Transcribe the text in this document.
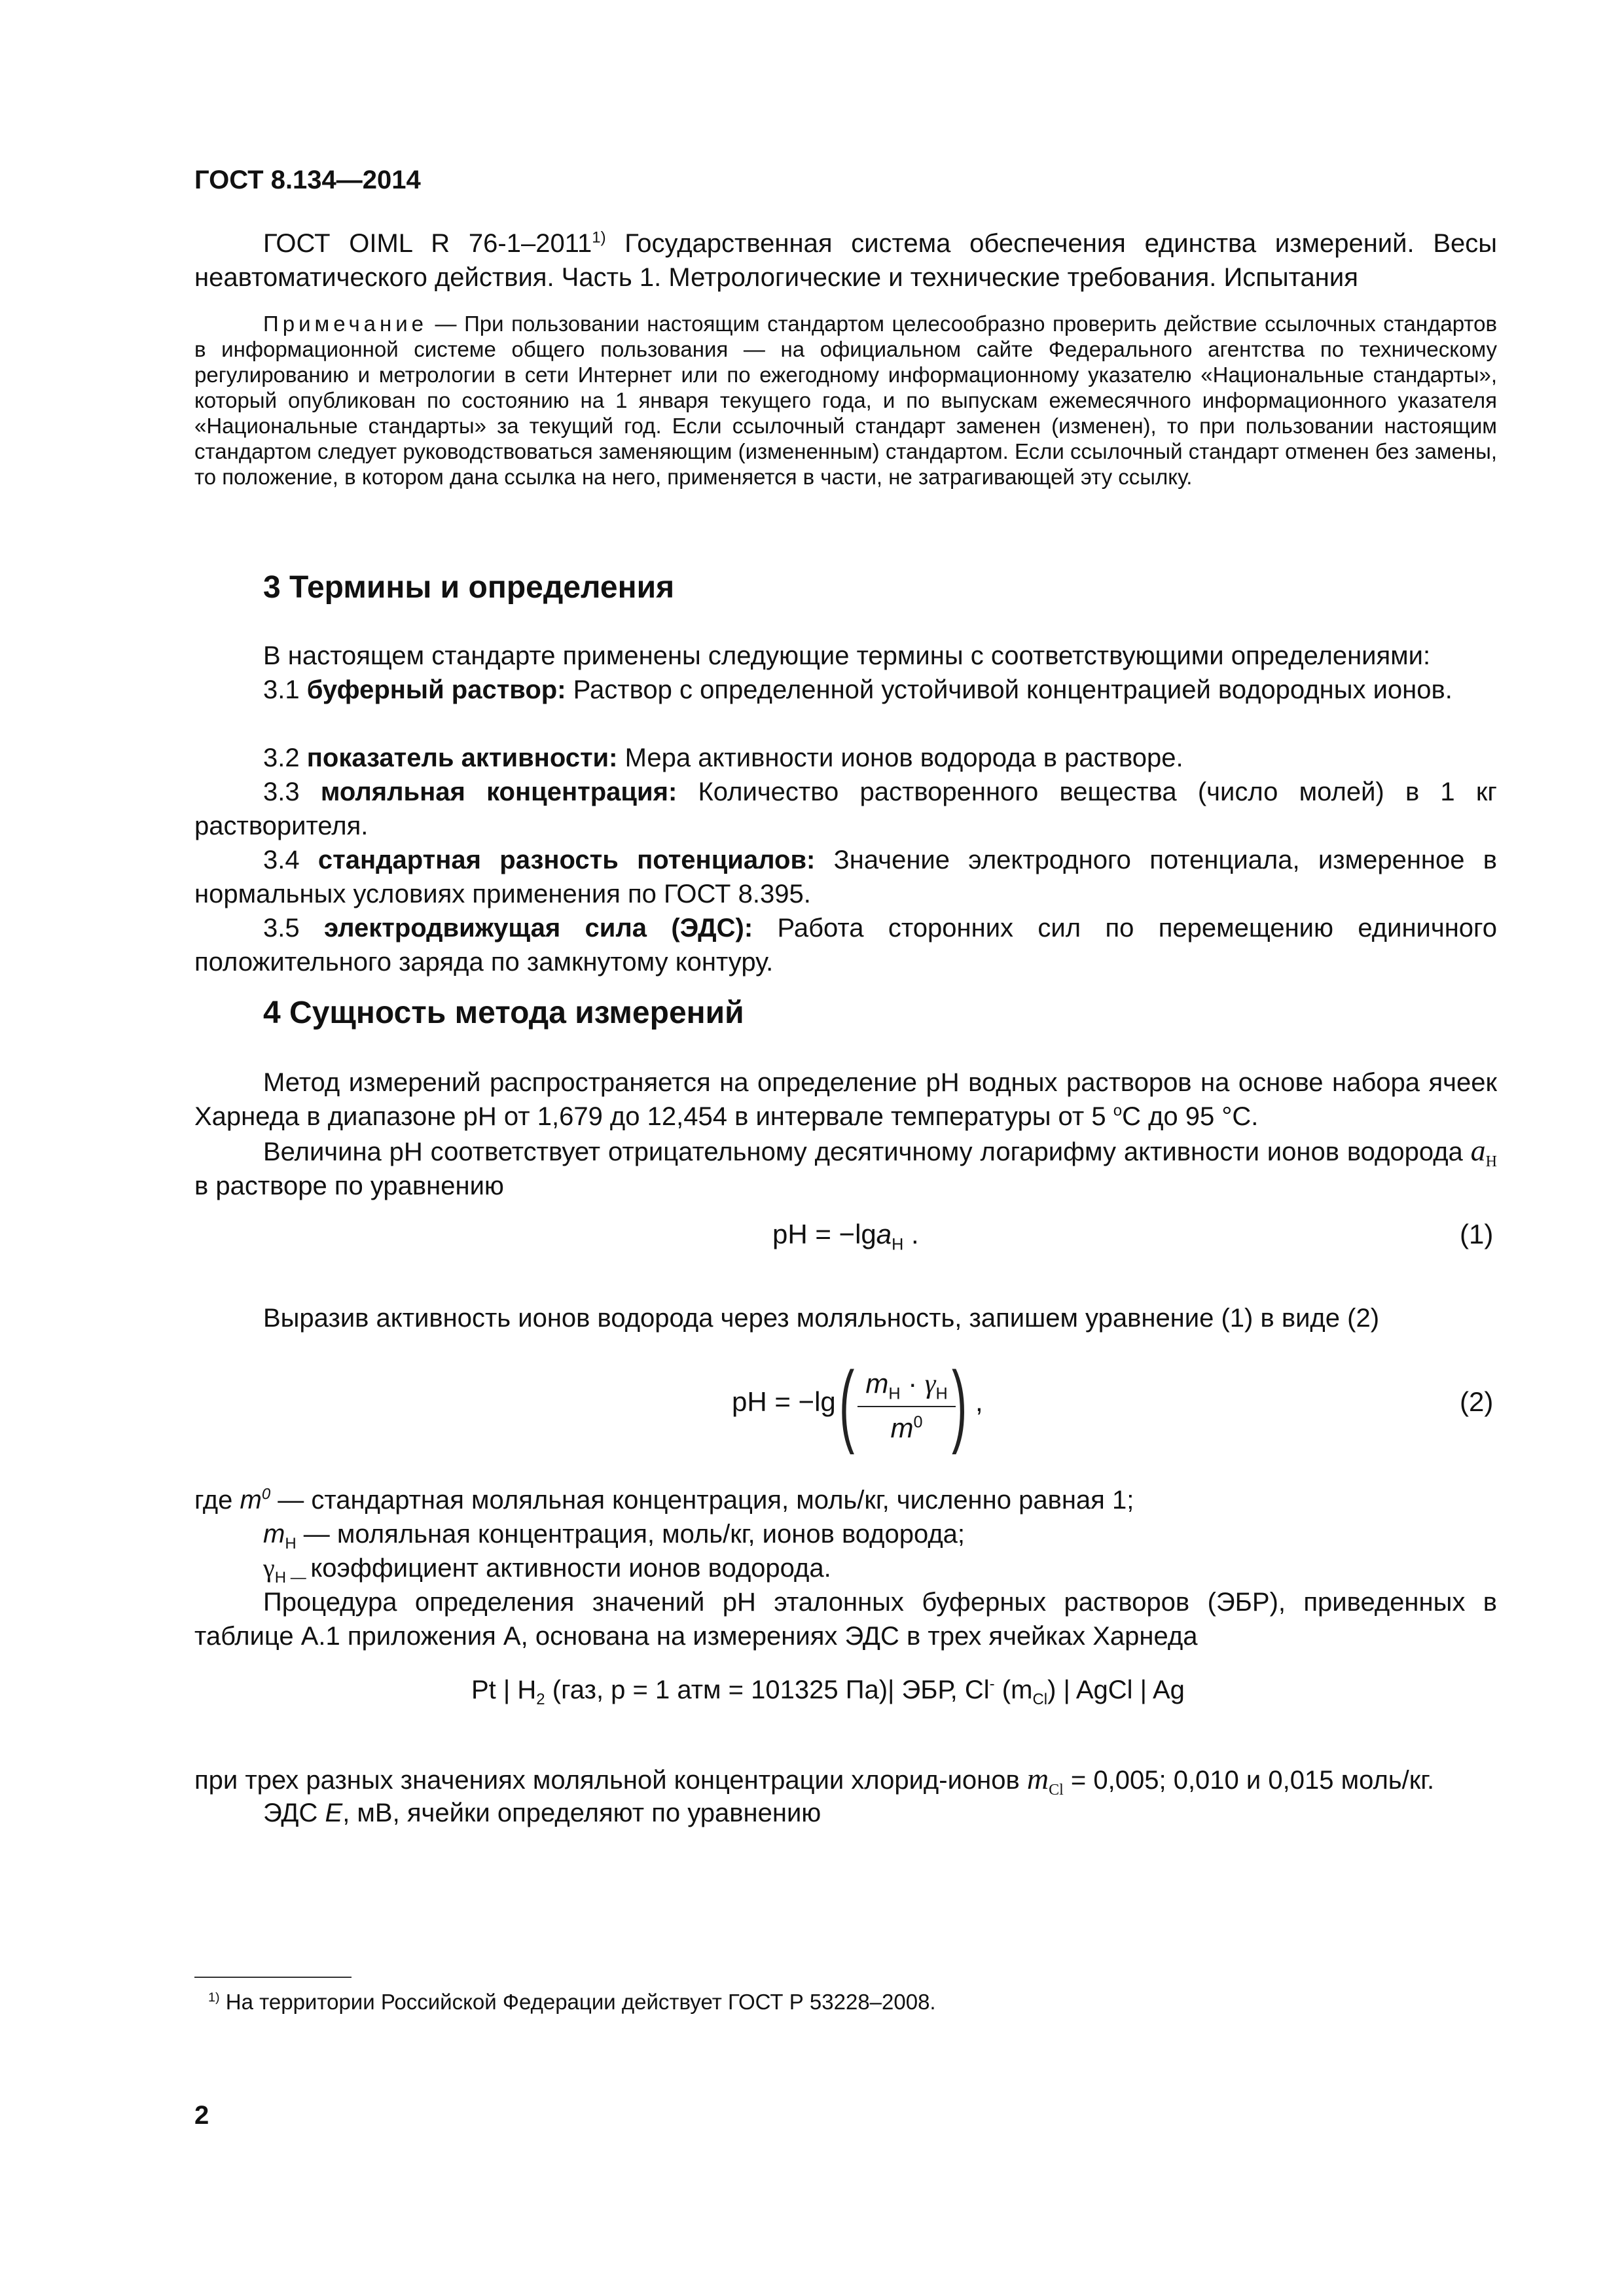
ГОСТ 8.134—2014
ГОСТ OIML R 76-1–2011$^{1)}$ Государственная система обеспечения единства измерений. Весы неавтоматического действия. Часть 1. Метрологические и технические требования. Испытания
Примечание — При пользовании настоящим стандартом целесообразно проверить действие ссылочных стандартов в информационной системе общего пользования — на официальном сайте Федерального агентства по техническому регулированию и метрологии в сети Интернет или по ежегодному информационному указателю «Национальные стандарты», который опубликован по состоянию на 1 января текущего года, и по выпускам ежемесячного информационного указателя «Национальные стандарты» за текущий год. Если ссылочный стандарт заменен (изменен), то при пользовании настоящим стандартом следует руководствоваться заменяющим (измененным) стандартом. Если ссылочный стандарт отменен без замены, то положение, в котором дана ссылка на него, применяется в части, не затрагивающей эту ссылку.
3 Термины и определения
В настоящем стандарте применены следующие термины с соответствующими определениями:
3.1 буферный раствор: Раствор с определенной устойчивой концентрацией водородных ионов.
3.2 показатель активности: Мера активности ионов водорода в растворе.
3.3 моляльная концентрация: Количество растворенного вещества (число молей) в 1 кг растворителя.
3.4 стандартная разность потенциалов: Значение электродного потенциала, измеренное в нормальных условиях применения по ГОСТ 8.395.
3.5 электродвижущая сила (ЭДС): Работа сторонних сил по перемещению единичного положительного заряда по замкнутому контуру.
4 Сущность метода измерений
Метод измерений распространяется на определение pH водных растворов на основе набора ячеек Харнеда в диапазоне pH от 1,679 до 12,454 в интервале температуры от 5 $^o$C до 95 °C.
Величина pH соответствует отрицательному десятичному логарифму активности ионов водорода $a_H$ в растворе по уравнению
pH = −lga$_H$ .	(1)
Выразив активность ионов водорода через моляльность, запишем уравнение (1) в виде (2)
pH = −lg ( $m_H \cdot \gamma_H$
$m^0$ ) ,	(2)
где $m^0$ — стандартная моляльная концентрация, моль/кг, численно равная 1;
$m_H$ — моляльная концентрация, моль/кг, ионов водорода;
$\gamma_{H —}$ коэффициент активности ионов водорода.
Процедура определения значений pH эталонных буферных растворов (ЭБР), приведенных в таблице А.1 приложения А, основана на измерениях ЭДС в трех ячейках Харнеда
Pt | $H_2$ (газ, p = 1 атм = 101325 Па)| ЭБР, Cl- $(m_{Cl})$ | AgCl | Ag
при трех разных значениях моляльной концентрации хлорид-ионов $m_{Cl} = 0,005$; 0,010 и 0,015 моль/кг.
ЭДС E, мВ, ячейки определяют по уравнению
$^{1)}$ На территории Российской Федерации действует ГОСТ Р 53228–2008.
2
